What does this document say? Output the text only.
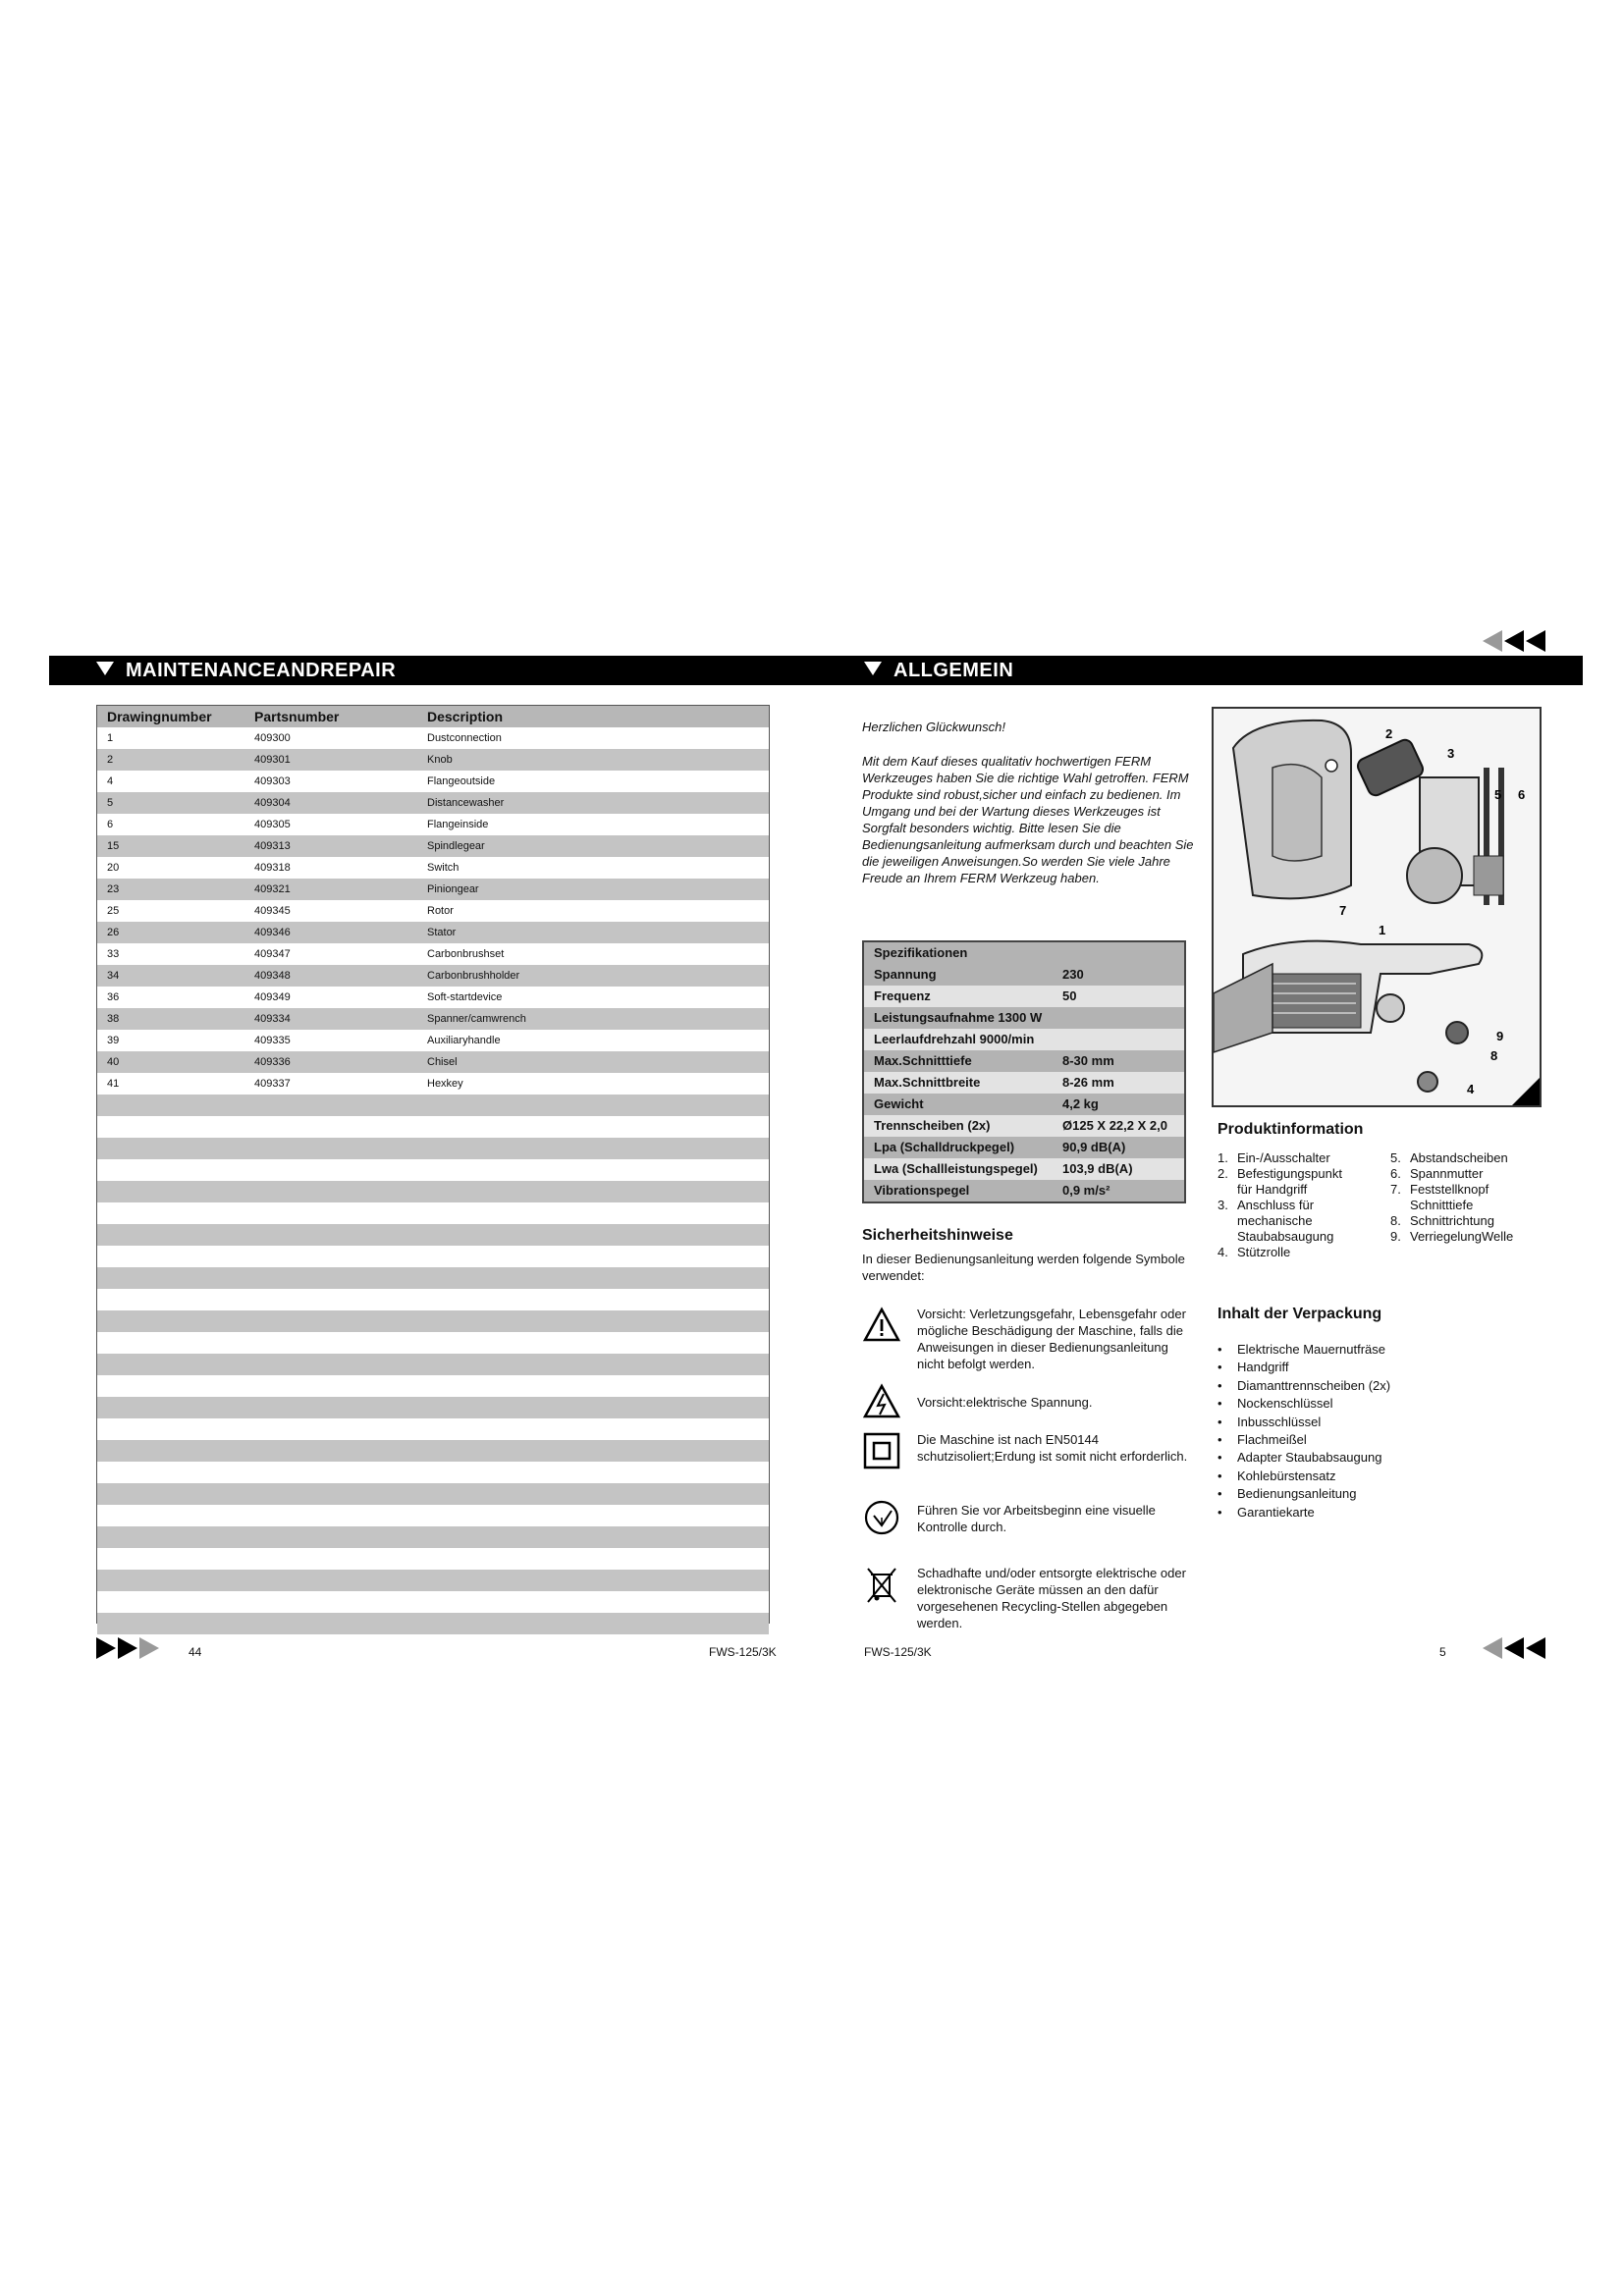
MAINTENANCEANDREPAIR	ALLGEMEIN
Drawingnumber	Partsnumber	Description
1	409300	Dustconnection
2	409301	Knob
4	409303	Flangeoutside
5	409304	Distancewasher
6	409305	Flangeinside
15	409313	Spindlegear
20	409318	Switch
23	409321	Piniongear
25	409345	Rotor
26	409346	Stator
33	409347	Carbonbrushset
34	409348	Carbonbrushholder
36	409349	Soft-startdevice
38	409334	Spanner/camwrench
39	409335	Auxiliaryhandle
40	409336	Chisel
41	409337	Hexkey
44	FWS-125/3K

Herzlichen Glückwunsch!

Mit dem Kauf dieses qualitativ hochwertigen FERM Werkzeuges haben Sie die richtige Wahl getroffen. FERM Produkte sind robust,sicher und einfach zu bedienen. Im Umgang und bei der Wartung dieses Werkzeuges ist Sorgfalt besonders wichtig. Bitte lesen Sie die Bedienungsanleitung aufmerksam durch und beachten Sie die jeweiligen Anweisungen.So werden Sie viele Jahre Freude an Ihrem FERM Werkzeug haben.

Spezifikationen
Spannung	230
Frequenz	50
Leistungsaufnahme 1300 W
Leerlaufdrehzahl 9000/min
Max.Schnitttiefe	8-30 mm
Max.Schnittbreite	8-26 mm
Gewicht	4,2 kg
Trennscheiben (2x)	Ø125 X 22,2 X 2,0
Lpa (Schalldruckpegel)	90,9 dB(A)
Lwa (Schallleistungspegel) 103,9 dB(A)
Vibrationspegel	0,9 m/s²
Sicherheitshinweise
In dieser Bedienungsanleitung werden folgende Symbole verwendet:
Vorsicht: Verletzungsgefahr, Lebensgefahr oder mögliche Beschädigung der Maschine, falls die Anweisungen in dieser Bedienungsanleitung nicht befolgt werden.
Vorsicht:elektrische Spannung.
Die Maschine ist nach EN50144 schutzisoliert;Erdung ist somit nicht erforderlich.
Führen Sie vor Arbeitsbeginn eine visuelle Kontrolle durch.
Schadhafte und/oder entsorgte elektrische oder elektronische Geräte müssen an den dafür vorgesehenen Recycling-Stellen abgegeben werden.
2
3
5 6
7
1
9
8
4
Produktinformation
1. Ein-/Ausschalter
2. Befestigungspunkt für Handgriff
3. Anschluss für mechanische Staubabsaugung
4. Stützrolle
5. Abstandscheiben
6. Spannmutter
7. Feststellknopf Schnitttiefe
8. Schnittrichtung
9. VerriegelungWelle
Inhalt der Verpackung
•	Elektrische Mauernutfräse
•	Handgriff
•	Diamanttrennscheiben (2x)
•	Nockenschlüssel
•	Inbusschlüssel
•	Flachmeißel
•	Adapter Staubabsaugung
•	Kohlebürstensatz
•	Bedienungsanleitung
•	Garantiekarte
FWS-125/3K	5
